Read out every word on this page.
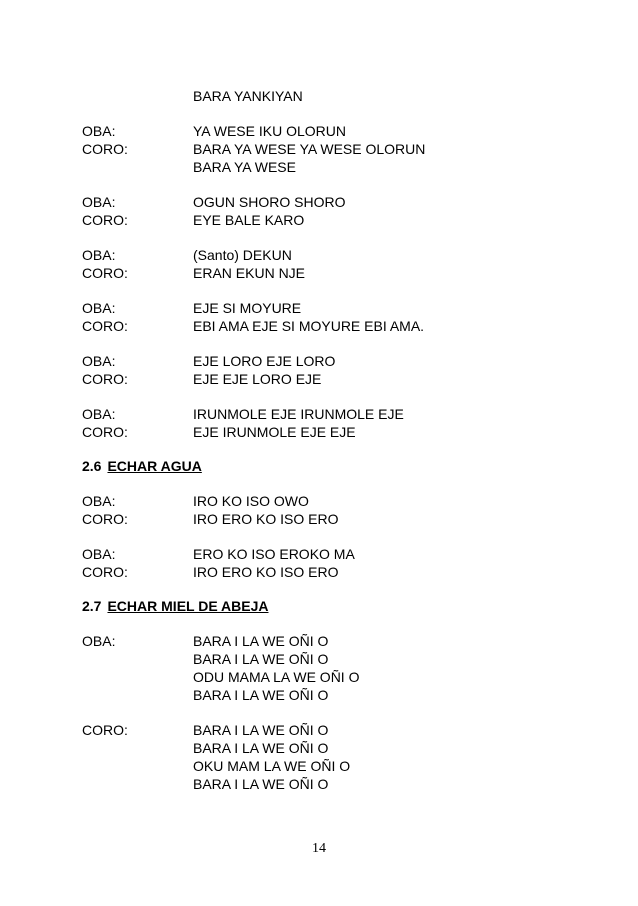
BARA YANKIYAN
OBA:	YA WESE IKU OLORUN
CORO:	BARA YA WESE YA WESE OLORUN
BARA YA WESE
OBA:	OGUN SHORO SHORO
CORO:	EYE BALE KARO
OBA:	(Santo) DEKUN
CORO:	ERAN EKUN NJE
OBA:	EJE SI MOYURE
CORO:	EBI AMA EJE SI MOYURE EBI AMA.
OBA:	EJE LORO EJE LORO
CORO:	EJE EJE LORO EJE
OBA:	IRUNMOLE EJE IRUNMOLE EJE
CORO:	EJE IRUNMOLE EJE EJE
OBA:	IRO KO ISO OWO
CORO:	IRO ERO KO ISO ERO
OBA:	ERO KO ISO EROKO MA
CORO:	IRO ERO KO ISO ERO
OBA:	BARA I LA WE OÑI O
BARA I LA WE OÑI O
ODU MAMA LA WE OÑI O
BARA I LA WE OÑI O
CORO:	BARA I LA WE OÑI O
BARA I LA WE OÑI O
OKU MAM LA WE OÑI O
BARA I LA WE OÑI O
2.6 ECHAR AGUA
2.7 ECHAR MIEL DE ABEJA
14
